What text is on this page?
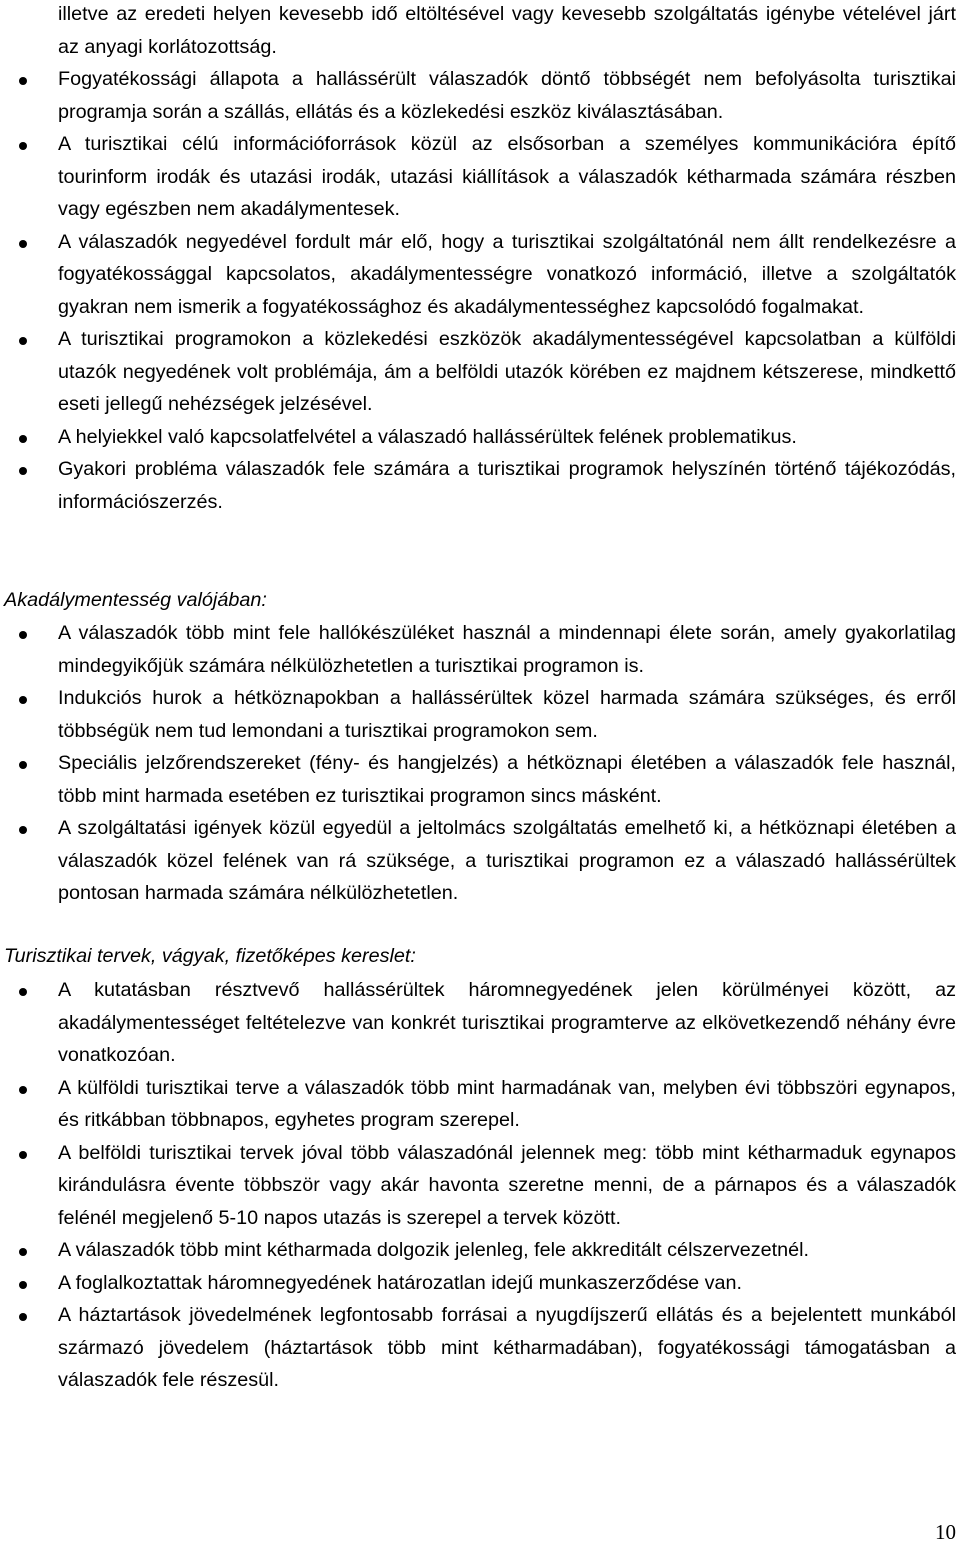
illetve az eredeti helyen kevesebb idő eltöltésével vagy kevesebb szolgáltatás igénybe vételével járt az anyagi korlátozottság.
Fogyatékossági állapota a hallássérült válaszadók döntő többségét nem befolyásolta turisztikai programja során a szállás, ellátás és a közlekedési eszköz kiválasztásában.
A turisztikai célú információforrások közül az elsősorban a személyes kommunikációra építő tourinform irodák és utazási irodák, utazási kiállítások a válaszadók kétharmada számára részben vagy egészben nem akadálymentesek.
A válaszadók negyedével fordult már elő, hogy a turisztikai szolgáltatónál nem állt rendelkezésre a fogyatékossággal kapcsolatos, akadálymentességre vonatkozó információ, illetve a szolgáltatók gyakran nem ismerik a fogyatékossághoz és akadálymentességhez kapcsolódó fogalmakat.
A turisztikai programokon a közlekedési eszközök akadálymentességével kapcsolatban a külföldi utazók negyedének volt problémája, ám a belföldi utazók körében ez majdnem kétszerese, mindkettő eseti jellegű nehézségek jelzésével.
A helyiekkel való kapcsolatfelvétel a válaszadó hallássérültek felének problematikus.
Gyakori probléma válaszadók fele számára a turisztikai programok helyszínén történő tájékozódás, információszerzés.
Akadálymentesség valójában:
A válaszadók több mint fele hallókészüléket használ a mindennapi élete során, amely gyakorlatilag mindegyikőjük számára nélkülözhetetlen a turisztikai programon is.
Indukciós hurok a hétköznapokban a hallássérültek közel harmada számára szükséges, és erről többségük nem tud lemondani a turisztikai programokon sem.
Speciális jelzőrendszereket (fény- és hangjelzés) a hétköznapi életében a válaszadók fele használ, több mint harmada esetében ez turisztikai programon sincs másként.
A szolgáltatási igények közül egyedül a jeltolmács szolgáltatás emelhető ki, a hétköznapi életében a válaszadók közel felének van rá szüksége, a turisztikai programon ez a válaszadó hallássérültek pontosan harmada számára nélkülözhetetlen.
Turisztikai tervek, vágyak, fizetőképes kereslet:
A kutatásban résztvevő hallássérültek háromnegyedének jelen körülményei között, az akadálymentességet feltételezve van konkrét turisztikai programterve az elkövetkezendő néhány évre vonatkozóan.
A külföldi turisztikai terve a válaszadók több mint harmadának van, melyben évi többszöri egynapos, és ritkábban többnapos, egyhetes program szerepel.
A belföldi turisztikai tervek jóval több válaszadónál jelennek meg: több mint kétharmaduk egynapos kirándulásra évente többször vagy akár havonta szeretne menni, de a párnapos és a válaszadók felénél megjelenő 5-10 napos utazás is szerepel a tervek között.
A válaszadók több mint kétharmada dolgozik jelenleg, fele akkreditált célszervezetnél.
A foglalkoztattak háromnegyedének határozatlan idejű munkaszerződése van.
A háztartások jövedelmének legfontosabb forrásai a nyugdíjszerű ellátás és a bejelentett munkából származó jövedelem (háztartások több mint kétharmadában), fogyatékossági támogatásban a válaszadók fele részesül.
10
